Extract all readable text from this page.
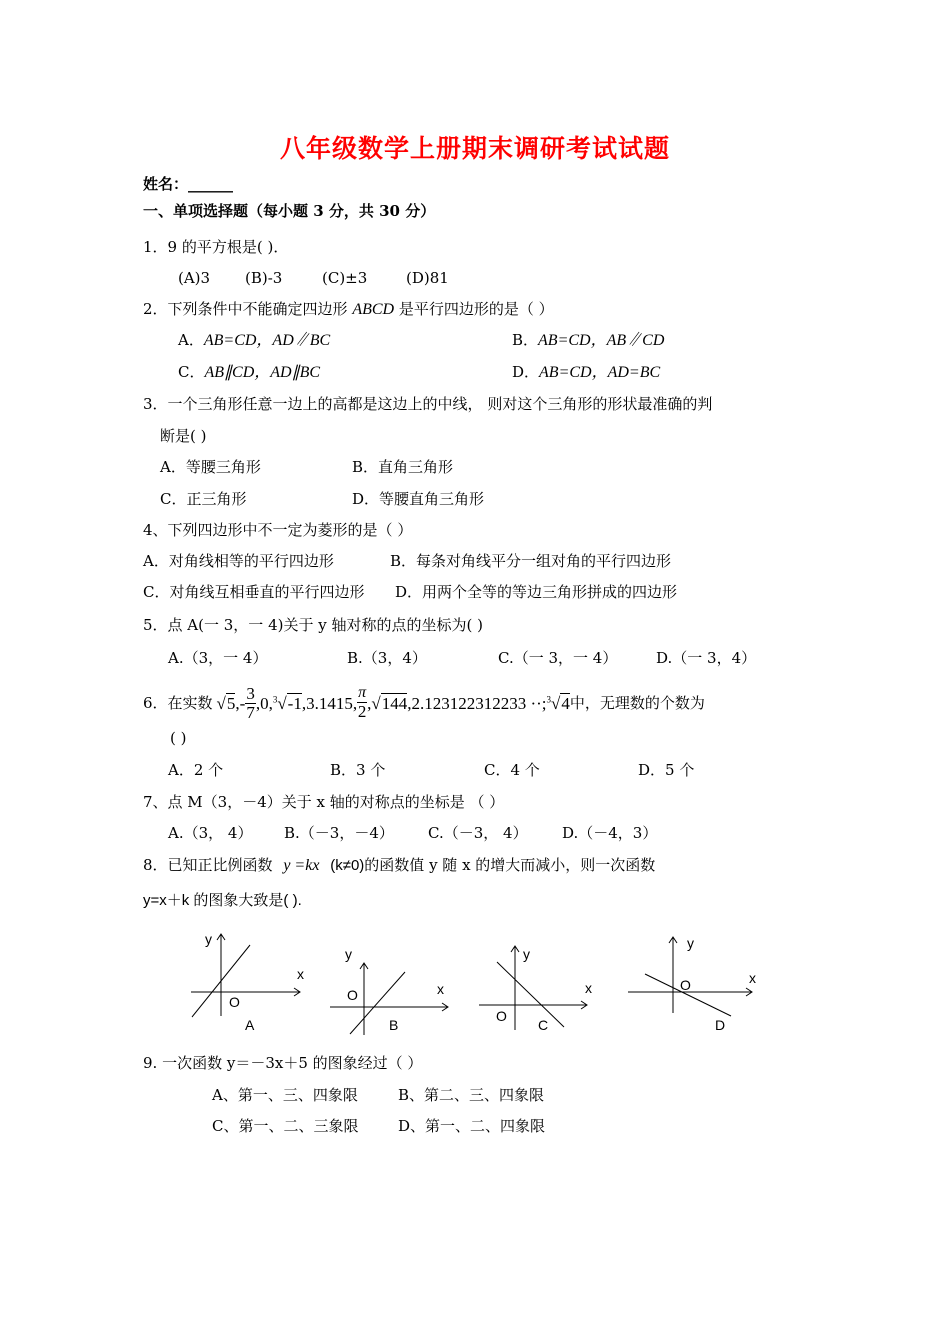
八年级数学上册期末调研考试试题
姓名：______
一、单项选择题（每小题 3 分，共 30 分）
1．9 的平方根是( )．
(A)3 (B)-3	(C)±3	(D)81
2．下列条件中不能确定四边形 ABCD 是平行四边形的是（ ）
A．AB=CD，AD∥BC	B．AB=CD，AB∥CD
C．AB∥CD，AD∥BC	D．AB=CD，AD=BC
3．一个三角形任意一边上的高都是这边上的中线， 则对这个三角形的形状最准确的判
断是( )
A．等腰三角形	B．直角三角形
C．正三角形	D．等腰直角三角形
4、下列四边形中不一定为菱形的是（ ）
A．对角线相等的平行四边形	B．每条对角线平分一组对角的平行四边形
C．对角线互相垂直的平行四边形 D．用两个全等的等边三角形拼成的四边形
5．点 A(一 3，一 4)关于 y 轴对称的点的坐标为( )
A.（3，一 4）	B.（3，4）	C.（一 3，一 4）	D.（一 3，4）
6．在实数 √5 ,- $\frac{3}{7} ,0$, $^3$√-1 ,3.1415, $\frac{\pi}{2}$ , √144 ,2.123122312233 ··; $^3$√4 中，无理数的个数为
( )
A．2 个	B．3 个	C．4 个	D．5 个
7、点 M（3，－4）关于 x 轴的对称点的坐标是 （ ）
A.（3， 4） B.（－3，－4） C.（－3， 4） D.（－4，3）
8．已知正比例函数 y =kx (k≠0)的函数值 y 随 x 的增大而减小，则一次函数
y=x＋k 的图象大致是( ).
y
x
O
A
y
x
O
B
y
x
O
C
y
x
O
D
9. 一次函数 y＝－3x＋5 的图象经过（ ）
A、第一、三、四象限	B、第二、三、四象限
C、第一、二、三象限	D、第一、二、四象限
